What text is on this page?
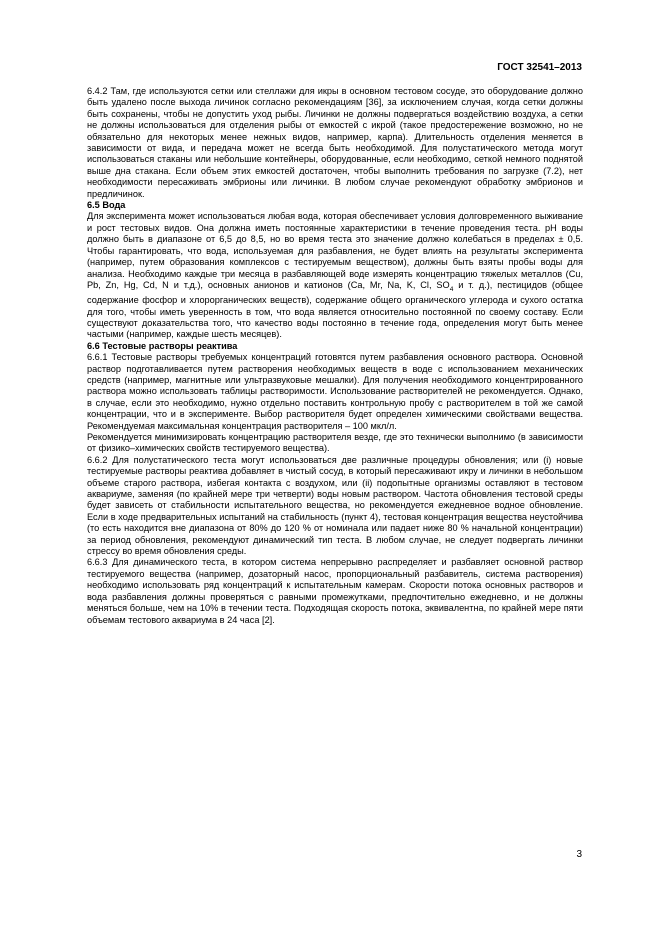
ГОСТ 32541–2013

6.4.2 Там, где используются сетки или стеллажи для икры в основном тестовом сосуде, это оборудование должно быть удалено после выхода личинок согласно рекомендациям [36], за исключением случая, когда сетки должны быть сохранены, чтобы не допустить уход рыбы. Личинки не должны подвергаться воздействию воздуха, а сетки не должны использоваться для отделения рыбы от емкостей с икрой (такое предостережение возможно, но не обязательно для некоторых менее нежных видов, например, карпа). Длительность отделения меняется в зависимости от вида, и передача может не всегда быть необходимой. Для полустатического метода могут использоваться стаканы или небольшие контейнеры, оборудованные, если необходимо, сеткой немного поднятой выше дна стакана. Если объем этих емкостей достаточен, чтобы выполнить требования по загрузке (7.2), нет необходимости пересаживать эмбрионы или личинки. В любом случае рекомендуют обработку эмбрионов и предличинок.

6.5 Вода

Для эксперимента может использоваться любая вода, которая обеспечивает условия долговременного выживание и рост тестовых видов. Она должна иметь постоянные характеристики в течение проведения теста. pH воды должно быть в диапазоне от 6,5 до 8,5, но во время теста это значение должно колебаться в пределах ± 0,5. Чтобы гарантировать, что вода, используемая для разбавления, не будет влиять на результаты эксперимента (например, путем образования комплексов с тестируемым веществом), должны быть взяты пробы воды для анализа. Необходимо каждые три месяца в разбавляющей воде измерять концентрацию тяжелых металлов (Cu, Pb, Zn, Hg, Cd, N и т.д.), основных анионов и катионов (Ca, Mr, Na, K, Cl, $SO_4$ и т. д.), пестицидов (общее содержание фосфор и хлорорганических веществ), содержание общего органического углерода и сухого остатка для того, чтобы иметь уверенность в том, что вода является относительно постоянной по своему составу. Если существуют доказательства того, что качество воды постоянно в течение года, определения могут быть менее частыми (например, каждые шесть месяцев).

6.6 Тестовые растворы реактива

6.6.1 Тестовые растворы требуемых концентраций готовятся путем разбавления основного раствора. Основной раствор подготавливается путем растворения необходимых веществ в воде с использованием механических средств (например, магнитные или ультразвуковые мешалки). Для получения необходимого концентрированного раствора можно использовать таблицы растворимости. Использование растворителей не рекомендуется. Однако, в случае, если это необходимо, нужно отдельно поставить контрольную пробу с растворителем в той же самой концентрации, что и в эксперименте. Выбор растворителя будет определен химическими свойствами вещества. Рекомендуемая максимальная концентрация растворителя – 100 мкл/л.

Рекомендуется минимизировать концентрацию растворителя везде, где это технически выполнимо (в зависимости от физико–химических свойств тестируемого вещества).

6.6.2 Для полустатического теста могут использоваться две различные процедуры обновления; или (i) новые тестируемые растворы реактива добавляет в чистый сосуд, в который пересаживают икру и личинки в небольшом объеме старого раствора, избегая контакта с воздухом, или (ii) подопытные организмы оставляют в тестовом аквариуме, заменяя (по крайней мере три четверти) воды новым раствором. Частота обновления тестовой среды будет зависеть от стабильности испытательного вещества, но рекомендуется ежедневное водное обновление. Если в ходе предварительных испытаний на стабильность (пункт 4), тестовая концентрация вещества неустойчива (то есть находится вне диапазона от 80% до 120 % от номинала или падает ниже 80 % начальной концентрации) за период обновления, рекомендуют динамический тип теста. В любом случае, не следует подвергать личинки стрессу во время обновления среды.

6.6.3 Для динамического теста, в котором система непрерывно распределяет и разбавляет основной раствор тестируемого вещества (например, дозаторный насос, пропорциональный разбавитель, система растворения) необходимо использовать ряд концентраций к испытательным камерам. Скорости потока основных растворов и вода разбавления должны проверяться с равными промежутками, предпочтительно ежедневно, и не должны меняться больше, чем на 10% в течении теста. Подходящая скорость потока, эквивалентна, по крайней мере пяти объемам тестового аквариума в 24 часа [2].

3
